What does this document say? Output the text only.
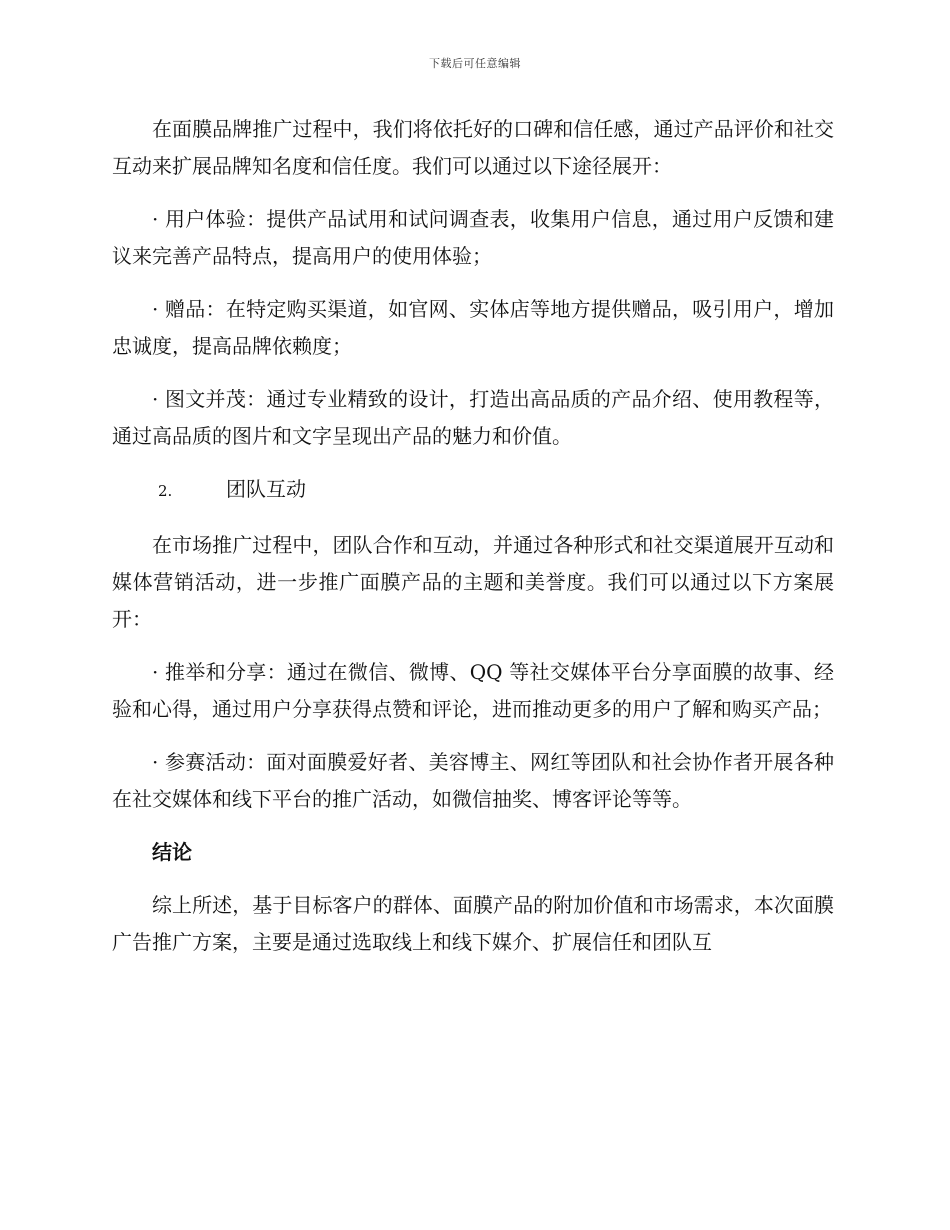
下载后可任意编辑

在面膜品牌推广过程中，我们将依托好的口碑和信任感，通过产品评价和社交互动来扩展品牌知名度和信任度。我们可以通过以下途径展开：

· 用户体验：提供产品试用和试问调查表，收集用户信息，通过用户反馈和建议来完善产品特点，提高用户的使用体验；

· 赠品：在特定购买渠道，如官网、实体店等地方提供赠品，吸引用户，增加忠诚度，提高品牌依赖度；

· 图文并茂：通过专业精致的设计，打造出高品质的产品介绍、使用教程等，通过高品质的图片和文字呈现出产品的魅力和价值。

2.	团队互动

在市场推广过程中，团队合作和互动，并通过各种形式和社交渠道展开互动和媒体营销活动，进一步推广面膜产品的主题和美誉度。我们可以通过以下方案展开：

· 推举和分享：通过在微信、微博、QQ 等社交媒体平台分享面膜的故事、经验和心得，通过用户分享获得点赞和评论，进而推动更多的用户了解和购买产品；

· 参赛活动：面对面膜爱好者、美容博主、网红等团队和社会协作者开展各种在社交媒体和线下平台的推广活动，如微信抽奖、博客评论等等。

结论

综上所述，基于目标客户的群体、面膜产品的附加价值和市场需求，本次面膜广告推广方案，主要是通过选取线上和线下媒介、扩展信任和团队互
